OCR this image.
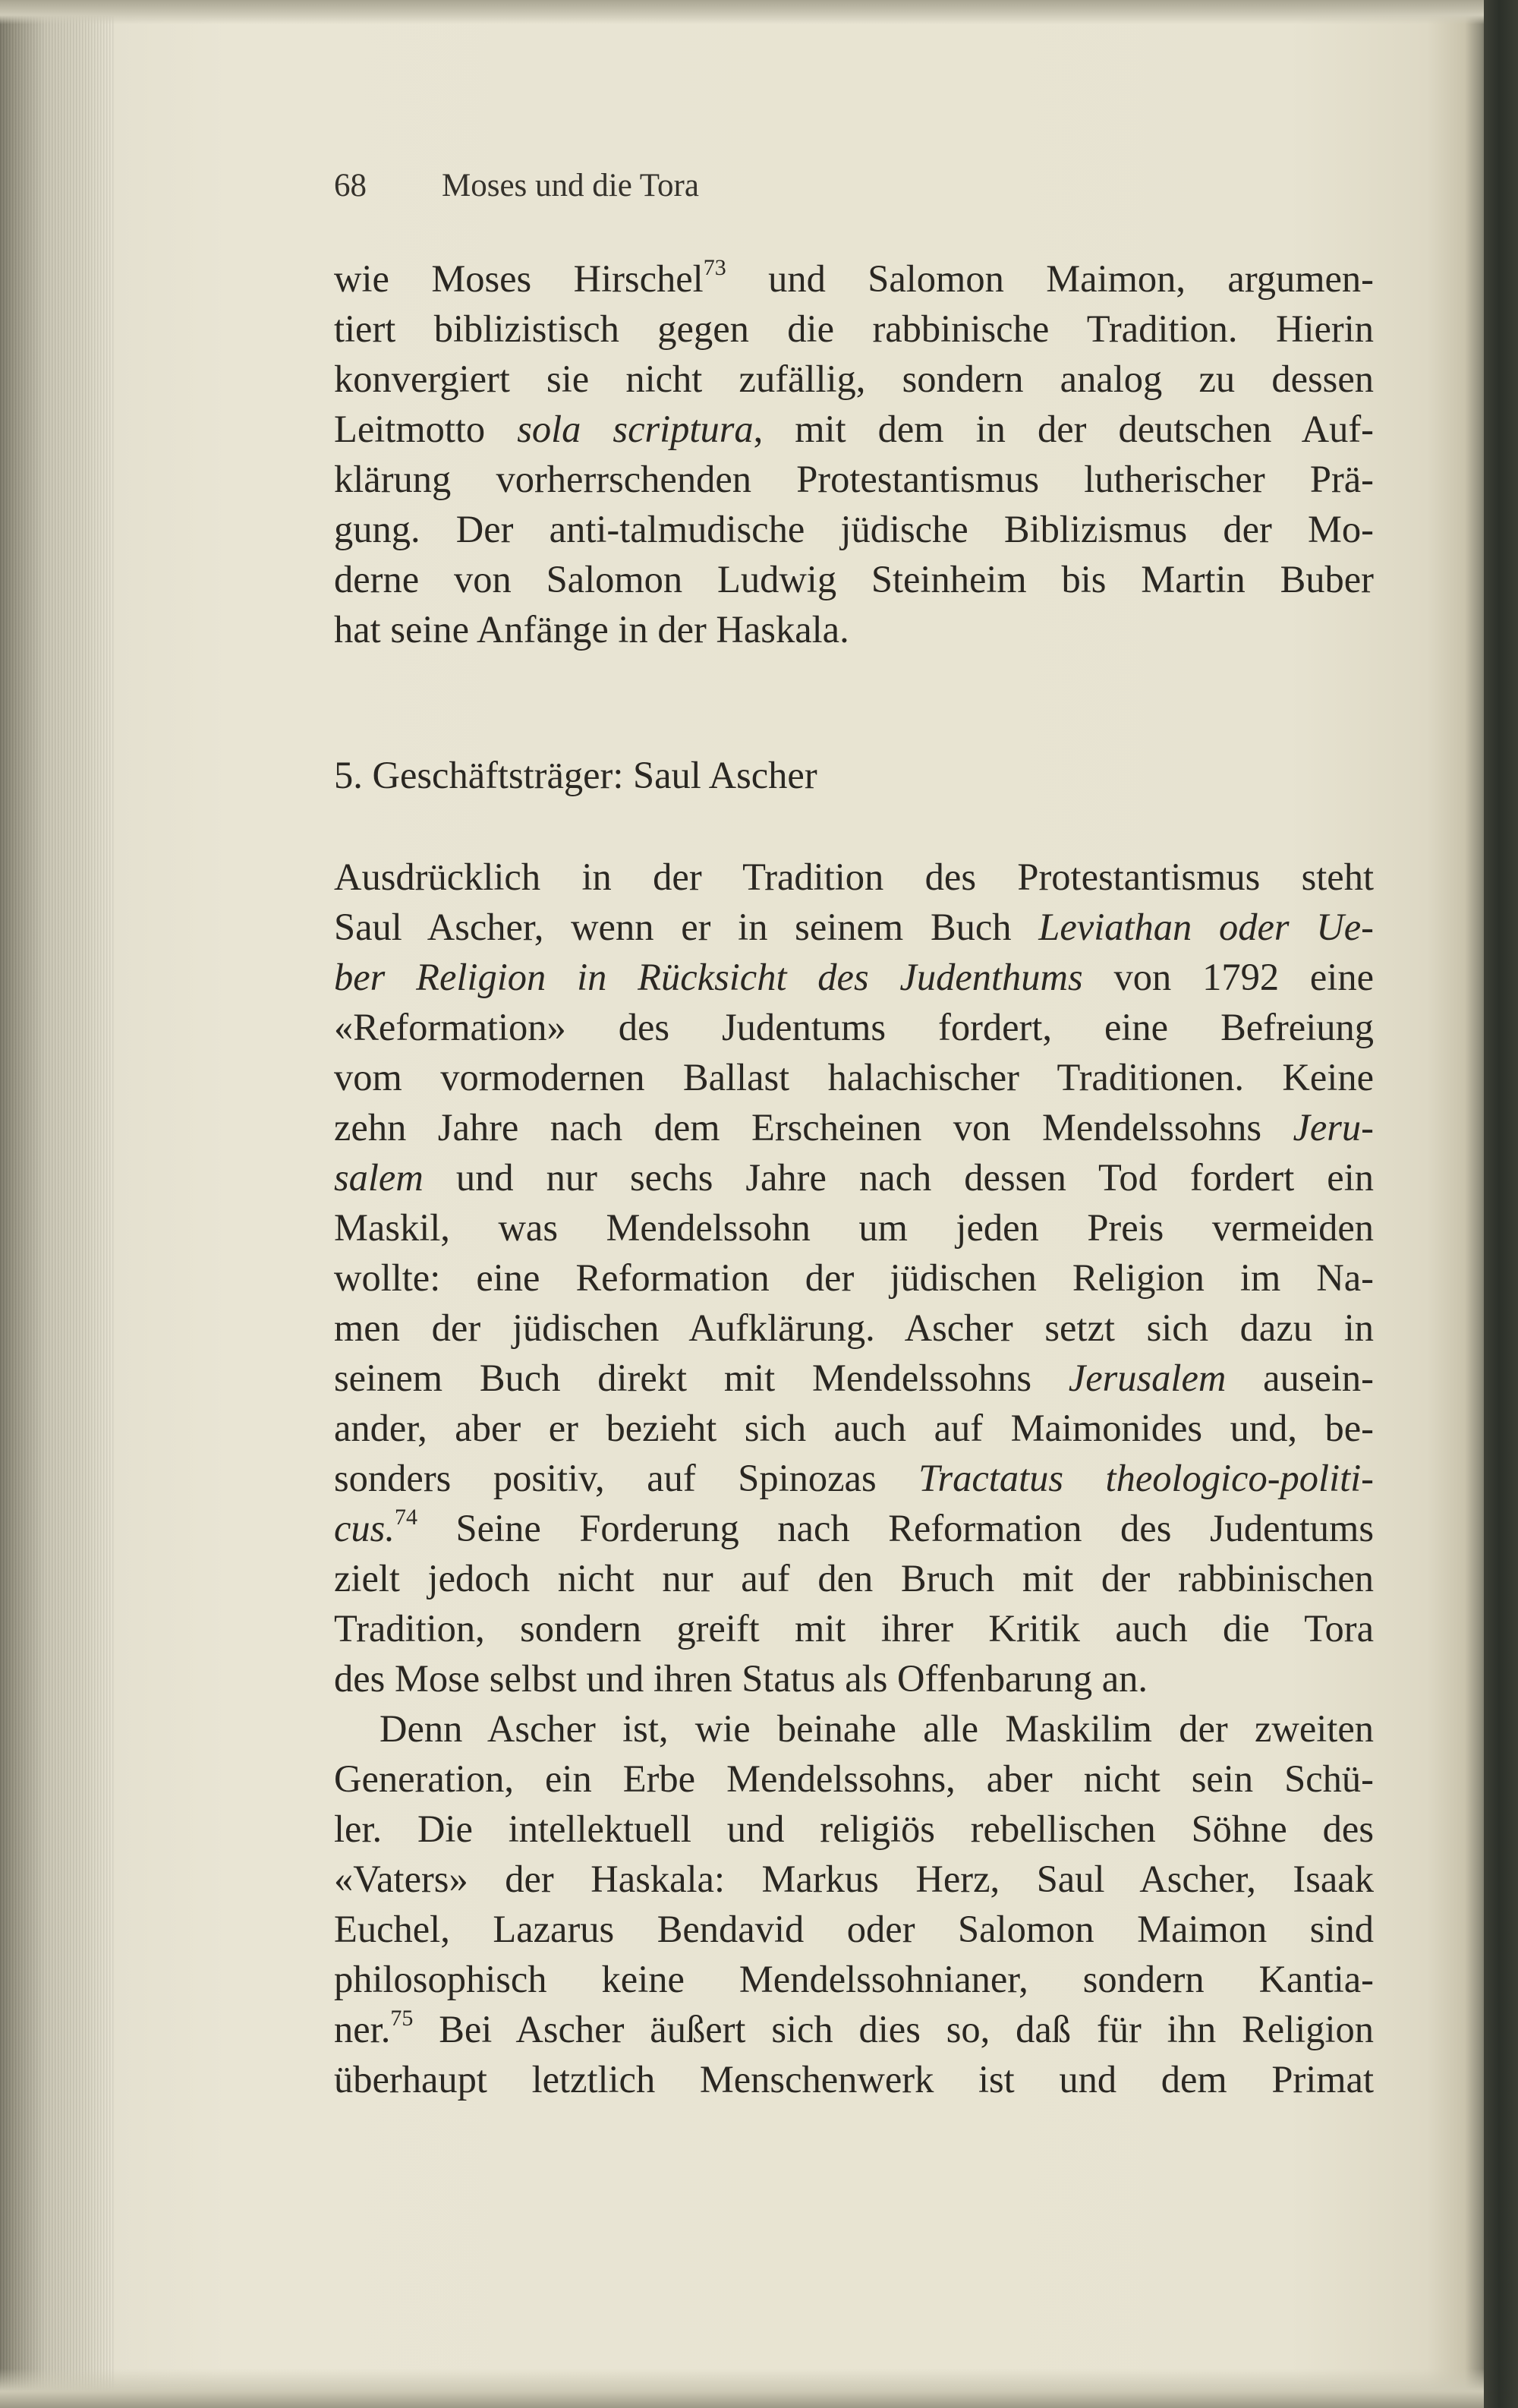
68 Moses und die Tora
wie Moses Hirschel$^{73}$ und Salomon Maimon, argumen-
tiert biblizistisch gegen die rabbinische Tradition. Hierin
konvergiert sie nicht zufällig, sondern analog zu dessen
Leitmotto sola scriptura, mit dem in der deutschen Auf-
klärung vorherrschenden Protestantismus lutherischer Prä-
gung. Der anti-talmudische jüdische Biblizismus der Mo-
derne von Salomon Ludwig Steinheim bis Martin Buber
hat seine Anfänge in der Haskala.
5. Geschäftsträger: Saul Ascher
Ausdrücklich in der Tradition des Protestantismus steht
Saul Ascher, wenn er in seinem Buch Leviathan oder Ue-
ber Religion in Rücksicht des Judenthums von 1792 eine
«Reformation» des Judentums fordert, eine Befreiung
vom vormodernen Ballast halachischer Traditionen. Keine
zehn Jahre nach dem Erscheinen von Mendelssohns Jeru-
salem und nur sechs Jahre nach dessen Tod fordert ein
Maskil, was Mendelssohn um jeden Preis vermeiden
wollte: eine Reformation der jüdischen Religion im Na-
men der jüdischen Aufklärung. Ascher setzt sich dazu in
seinem Buch direkt mit Mendelssohns Jerusalem ausein-
ander, aber er bezieht sich auch auf Maimonides und, be-
sonders positiv, auf Spinozas Tractatus theologico-politi-
cus.$^{74}$ Seine Forderung nach Reformation des Judentums
zielt jedoch nicht nur auf den Bruch mit der rabbinischen
Tradition, sondern greift mit ihrer Kritik auch die Tora
des Mose selbst und ihren Status als Offenbarung an.
Denn Ascher ist, wie beinahe alle Maskilim der zweiten
Generation, ein Erbe Mendelssohns, aber nicht sein Schü-
ler. Die intellektuell und religiös rebellischen Söhne des
«Vaters» der Haskala: Markus Herz, Saul Ascher, Isaak
Euchel, Lazarus Bendavid oder Salomon Maimon sind
philosophisch keine Mendelssohnianer, sondern Kantia-
ner.$^{75}$ Bei Ascher äußert sich dies so, daß für ihn Religion
überhaupt letztlich Menschenwerk ist und dem Primat
